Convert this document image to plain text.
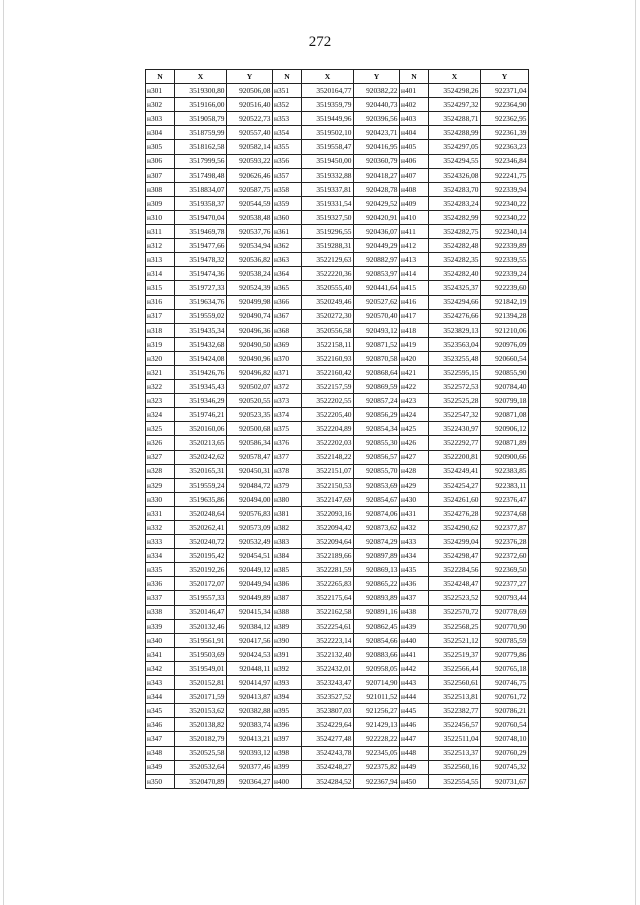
272
N	X	Y	N	X	Y	N	X	Y
н301	3519300,80	920506,08	н351	3520164,77	920382,22	н401	3524298,26	922371,04
н302	3519166,00	920516,40	н352	3519359,79	920440,73	н402	3524297,32	922364,90
н303	3519058,79	920522,73	н353	3519449,96	920396,56	н403	3524288,71	922362,95
н304	3518759,99	920557,40	н354	3519502,10	920423,71	н404	3524288,99	922361,39
н305	3518162,58	920582,14	н355	3519558,47	920416,95	н405	3524297,05	922363,23
н306	3517999,56	920593,22	н356	3519450,00	920360,79	н406	3524294,55	922346,84
н307	3517498,48	920626,46	н357	3519332,88	920418,27	н407	3524326,08	922241,75
н308	3518834,07	920587,75	н358	3519337,81	920428,78	н408	3524283,70	922339,94
н309	3519358,37	920544,59	н359	3519331,54	920429,52	н409	3524283,24	922340,22
н310	3519470,04	920538,48	н360	3519327,50	920420,91	н410	3524282,99	922340,22
н311	3519469,78	920537,76	н361	3519296,55	920436,07	н411	3524282,75	922340,14
н312	3519477,66	920534,94	н362	3519288,31	920449,29	н412	3524282,48	922339,89
н313	3519478,32	920536,82	н363	3522129,63	920882,97	н413	3524282,35	922339,55
н314	3519474,36	920538,24	н364	3522220,36	920853,97	н414	3524282,40	922339,24
н315	3519727,33	920524,39	н365	3520555,40	920441,64	н415	3524325,37	922239,60
н316	3519634,76	920499,98	н366	3520249,46	920527,62	н416	3524294,66	921842,19
н317	3519559,02	920490,74	н367	3520272,30	920570,40	н417	3524276,66	921394,28
н318	3519435,34	920496,36	н368	3520556,58	920493,12	н418	3523829,13	921210,06
н319	3519432,68	920490,50	н369	3522158,11	920871,52	н419	3523563,04	920976,09
н320	3519424,08	920490,96	н370	3522160,93	920870,58	н420	3523255,48	920660,54
н321	3519426,76	920496,82	н371	3522160,42	920868,64	н421	3522595,15	920855,90
н322	3519345,43	920502,07	н372	3522157,59	920869,59	н422	3522572,53	920784,40
н323	3519346,29	920520,55	н373	3522202,55	920857,24	н423	3522525,28	920799,18
н324	3519746,21	920523,35	н374	3522205,40	920856,29	н424	3522547,32	920871,08
н325	3520160,06	920500,68	н375	3522204,89	920854,34	н425	3522430,97	920906,12
н326	3520213,65	920586,34	н376	3522202,03	920855,30	н426	3522292,77	920871,89
н327	3520242,62	920578,47	н377	3522148,22	920856,57	н427	3522200,81	920900,66
н328	3520165,31	920450,31	н378	3522151,07	920855,70	н428	3524249,41	922383,85
н329	3519559,24	920484,72	н379	3522150,53	920853,69	н429	3524254,27	922383,11
н330	3519635,86	920494,00	н380	3522147,69	920854,67	н430	3524261,60	922376,47
н331	3520248,64	920576,83	н381	3522093,16	920874,06	н431	3524276,28	922374,68
н332	3520262,41	920573,09	н382	3522094,42	920873,62	н432	3524290,62	922377,87
н333	3520240,72	920532,49	н383	3522094,64	920874,29	н433	3524299,04	922376,28
н334	3520195,42	920454,51	н384	3522189,66	920897,89	н434	3524298,47	922372,60
н335	3520192,26	920449,12	н385	3522281,59	920869,13	н435	3522284,56	922369,50
н336	3520172,07	920449,94	н386	3522265,83	920865,22	н436	3524248,47	922377,27
н337	3519557,33	920449,89	н387	3522175,64	920893,89	н437	3522523,52	920793,44
н338	3520146,47	920415,34	н388	3522162,58	920891,16	н438	3522570,72	920778,69
н339	3520132,46	920384,12	н389	3522254,61	920862,45	н439	3522568,25	920770,90
н340	3519561,91	920417,56	н390	3522223,14	920854,66	н440	3522521,12	920785,59
н341	3519503,69	920424,53	н391	3522132,40	920883,66	н441	3522519,37	920779,86
н342	3519549,01	920448,11	н392	3522432,01	920958,05	н442	3522566,44	920765,18
н343	3520152,81	920414,97	н393	3523243,47	920714,90	н443	3522560,61	920746,75
н344	3520171,59	920413,87	н394	3523527,52	921011,52	н444	3522513,81	920761,72
н345	3520153,62	920382,88	н395	3523807,03	921256,27	н445	3522382,77	920786,21
н346	3520138,82	920383,74	н396	3524229,64	921429,13	н446	3522456,57	920760,54
н347	3520182,79	920413,21	н397	3524277,48	922228,22	н447	3522511,04	920748,10
н348	3520525,58	920393,12	н398	3524243,78	922345,05	н448	3522513,37	920760,29
н349	3520532,64	920377,46	н399	3524248,27	922375,82	н449	3522560,16	920745,32
н350	3520470,89	920364,27	н400	3524284,52	922367,94	н450	3522554,55	920731,67
